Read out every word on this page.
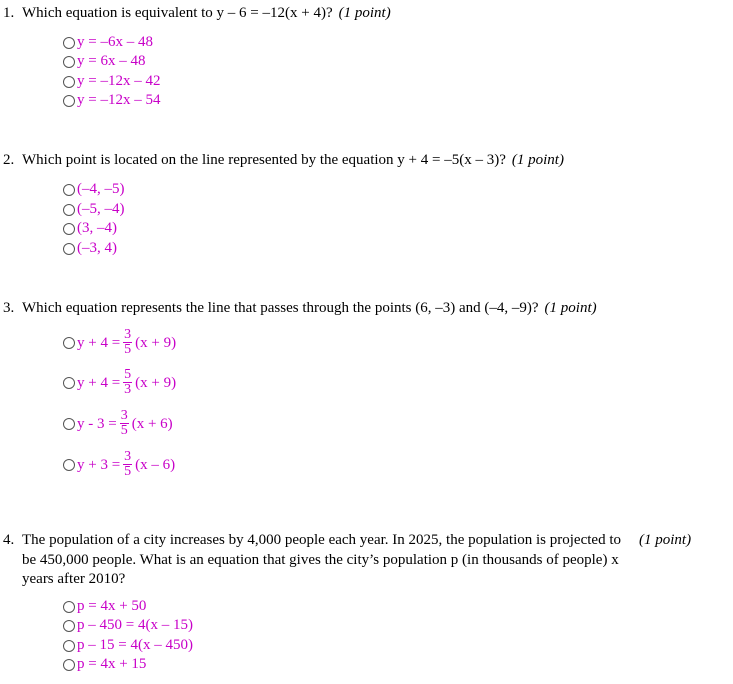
1. Which equation is equivalent to y – 6 = –12(x + 4)? (1 point)
y = –6x – 48
y = 6x – 48
y = –12x – 42
y = –12x – 54
2. Which point is located on the line represented by the equation y + 4 = –5(x – 3)? (1 point)
(–4, –5)
(–5, –4)
(3, –4)
(–3, 4)
3. Which equation represents the line that passes through the points (6, –3) and (–4, –9)? (1 point)
$y + 4 = \frac{3}{5} (x + 9)$
$y + 4 = \frac{5}{3} (x + 9)$
$y - 3 = \frac{3}{5} (x + 6)$
$y + 3 = \frac{3}{5} (x - 6)$
4. The population of a city increases by 4,000 people each year. In 2025, the population is projected to be 450,000 people. What is an equation that gives the city’s population p (in thousands of people) x years after 2010?
(1 point)
p = 4x + 50
p – 450 = 4(x – 15)
p – 15 = 4(x – 450)
p = 4x + 15
